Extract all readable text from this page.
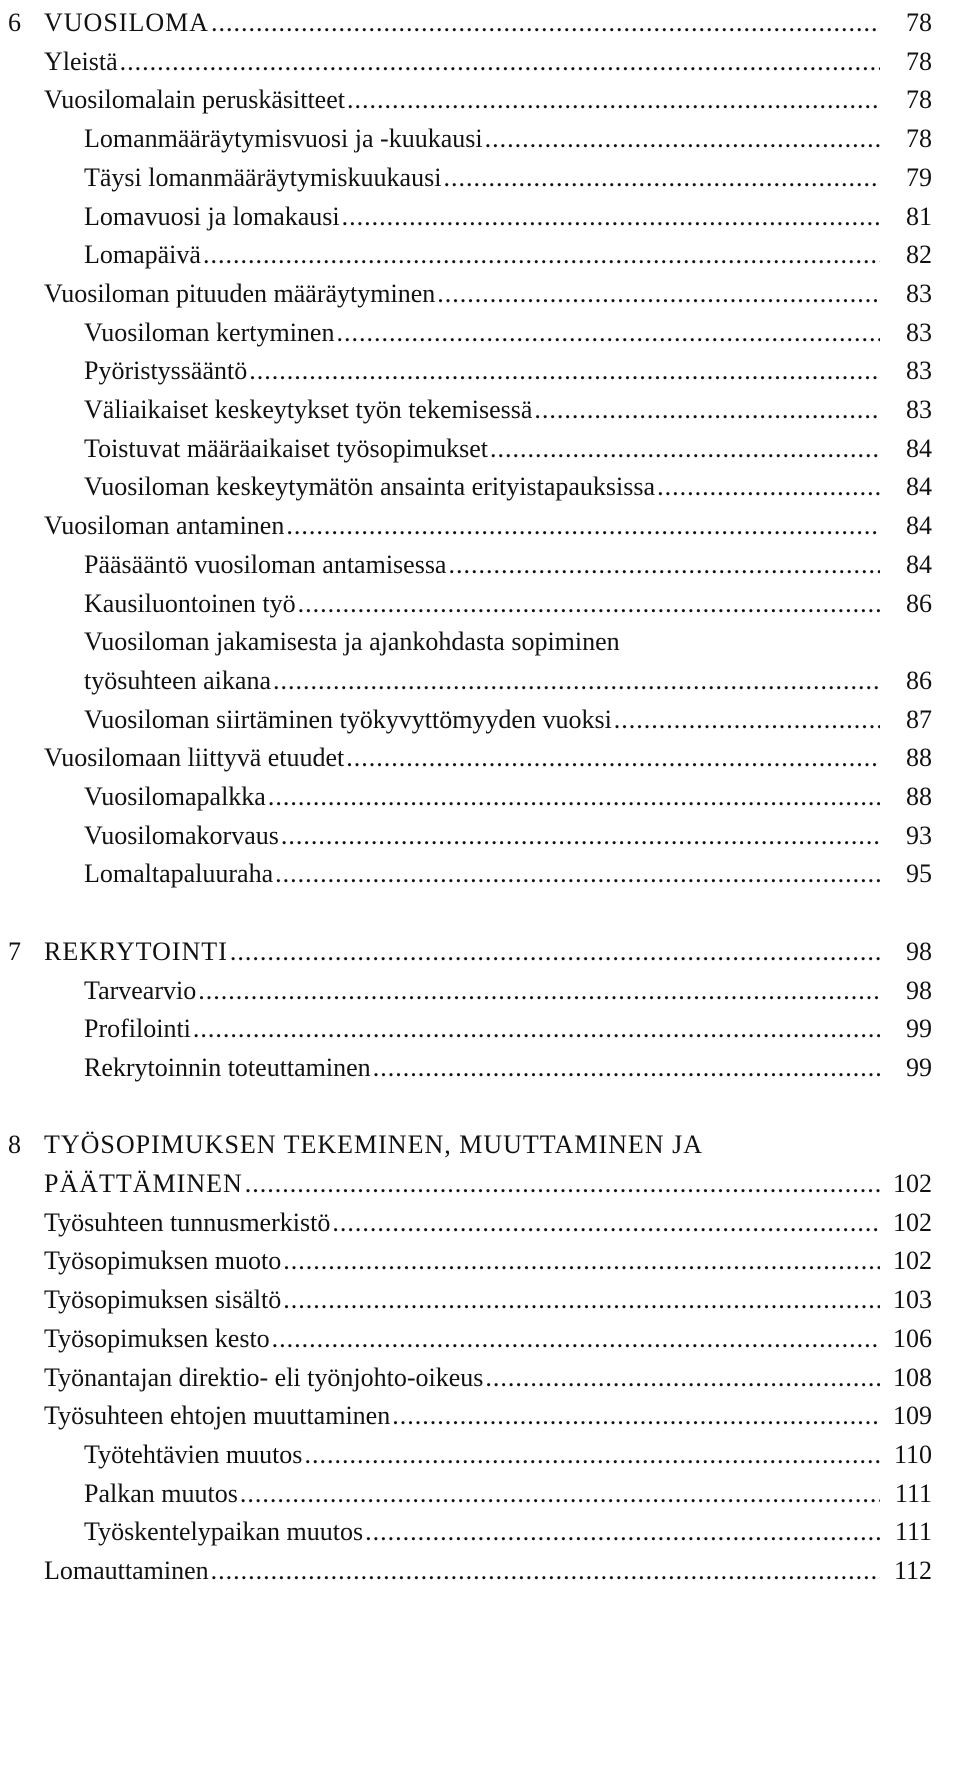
6 VUOSILOMA .....	78
Yleistä .....	78
Vuosilomalain peruskäsitteet .....	78
Lomanmääräytymisvuosi ja -kuukausi .....	78
Täysi lomanmääräytymiskuukausi .....	79
Lomavuosi ja lomakausi .....	81
Lomapäivä .....	82
Vuosiloman pituuden määräytyminen .....	83
Vuosiloman kertyminen .....	83
Pyöristyssääntö .....	83
Väliaikaiset keskeytykset työn tekemisessä .....	83
Toistuvat määräaikaiset työsopimukset .....	84
Vuosiloman keskeytymätön ansainta erityistapauksissa .....	84
Vuosiloman antaminen .....	84
Pääsääntö vuosiloman antamisessa .....	84
Kausiluontoinen työ .....	86
Vuosiloman jakamisesta ja ajankohdasta sopiminen
työsuhteen aikana .....	86
Vuosiloman siirtäminen työkyvyttömyyden vuoksi .....	87
Vuosilomaan liittyvä etuudet .....	88
Vuosilomapalkka .....	88
Vuosilomakorvaus .....	93
Lomaltapaluuraha .....	95
7 REKRYTOINTI .....	98
Tarvearvio .....	98
Profilointi .....	99
Rekrytoinnin toteuttaminen .....	99
8 TYÖSOPIMUKSEN TEKEMINEN, MUUTTAMINEN JA
PÄÄTTÄMINEN .....	102
Työsuhteen tunnusmerkistö .....	102
Työsopimuksen muoto .....	102
Työsopimuksen sisältö .....	103
Työsopimuksen kesto .....	106
Työnantajan direktio- eli työnjohto-oikeus .....	108
Työsuhteen ehtojen muuttaminen .....	109
Työtehtävien muutos .....	110
Palkan muutos .....	111
Työskentelypaikan muutos .....	111
Lomauttaminen .....	112
